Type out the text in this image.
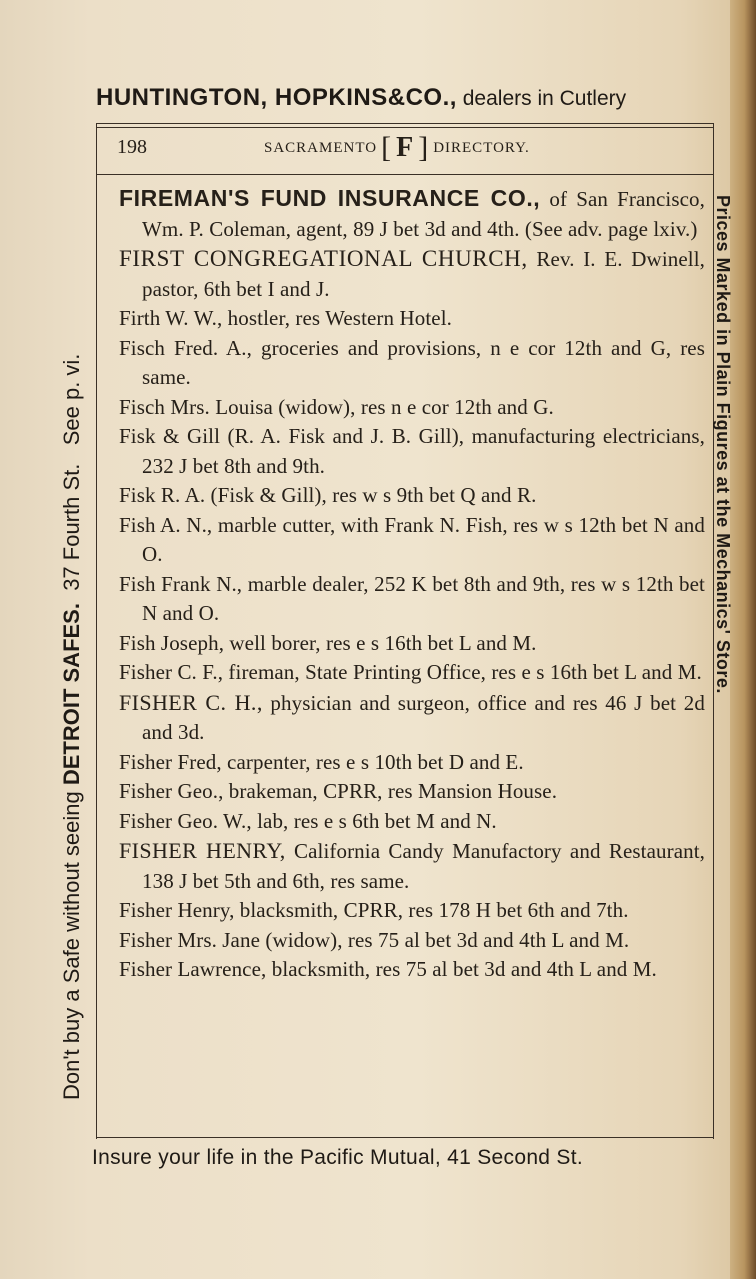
HUNTINGTON, HOPKINS&CO., dealers in Cutlery
198	SACRAMENTO [ F ] DIRECTORY.
Don't buy a Safe without seeing DETROIT SAFES.  37 Fourth St.   See p. vi.	Prices Marked in Plain Figures at the Mechanics' Store.
FIREMAN'S FUND INSURANCE CO., of San Francisco, Wm. P. Coleman, agent, 89 J bet 3d and 4th. (See adv. page lxiv.)
FIRST CONGREGATIONAL CHURCH, Rev. I. E. Dwinell, pastor, 6th bet I and J.
Firth W. W., hostler, res Western Hotel.
Fisch Fred. A., groceries and provisions, n e cor 12th and G, res same.
Fisch Mrs. Louisa (widow), res n e cor 12th and G.
Fisk & Gill (R. A. Fisk and J. B. Gill), manufacturing electricians, 232 J bet 8th and 9th.
Fisk R. A. (Fisk & Gill), res w s 9th bet Q and R.
Fish A. N., marble cutter, with Frank N. Fish, res w s 12th bet N and O.
Fish Frank N., marble dealer, 252 K bet 8th and 9th, res w s 12th bet N and O.
Fish Joseph, well borer, res e s 16th bet L and M.
Fisher C. F., fireman, State Printing Office, res e s 16th bet L and M.
FISHER C. H., physician and surgeon, office and res 46 J bet 2d and 3d.
Fisher Fred, carpenter, res e s 10th bet D and E.
Fisher Geo., brakeman, CPRR, res Mansion House.
Fisher Geo. W., lab, res e s 6th bet M and N.
FISHER HENRY, California Candy Manufactory and Restaurant, 138 J bet 5th and 6th, res same.
Fisher Henry, blacksmith, CPRR, res 178 H bet 6th and 7th.
Fisher Mrs. Jane (widow), res 75 al bet 3d and 4th L and M.
Fisher Lawrence, blacksmith, res 75 al bet 3d and 4th L and M.
Insure your life in the Pacific Mutual, 41 Second St.
